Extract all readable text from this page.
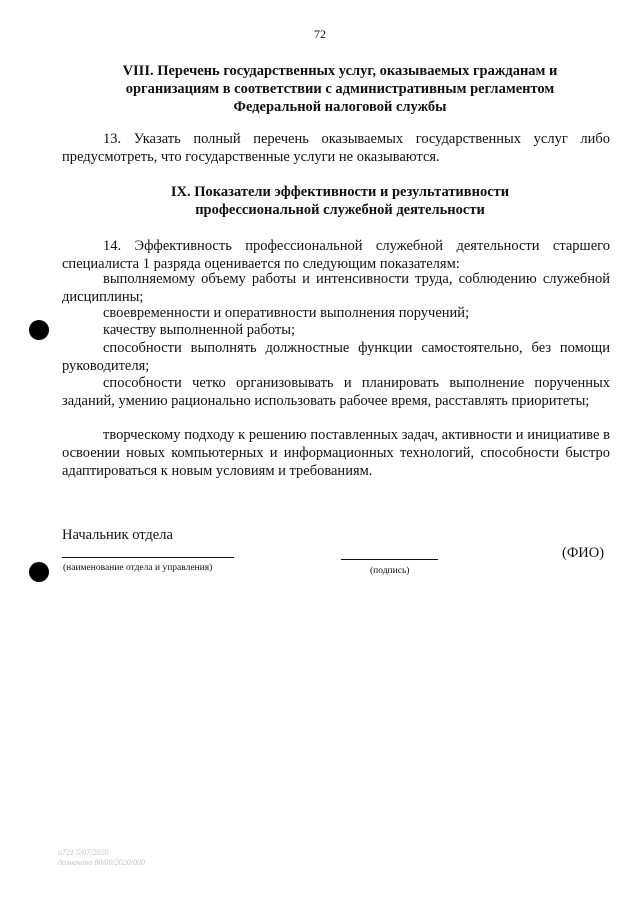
72
VIII. Перечень государственных услуг, оказываемых гражданам и
организациям в соответствии с административным регламентом
Федеральной налоговой службы
13. Указать полный перечень оказываемых государственных услуг либо предусмотреть, что государственные услуги не оказываются.
IX. Показатели эффективности и результативности
профессиональной служебной деятельности
14. Эффективность профессиональной служебной деятельности старшего специалиста 1 разряда оценивается по следующим показателям:
выполняемому объему работы и интенсивности труда, соблюдению служебной дисциплины;
своевременности и оперативности выполнения поручений;
качеству выполненной работы;
способности выполнять должностные функции самостоятельно, без помощи руководителя;
способности четко организовывать и планировать выполнение порученных заданий, умению рационально использовать рабочее время, расставлять приоритеты;
творческому подходу к решению поставленных задач, активности и инициативе в освоении новых компьютерных и информационных технологий, способности быстро адаптироваться к новым условиям и требованиям.
Начальник отдела
(наименование отдела и управления)	(подпись)
(ФИО)
о721 5/07/2020
дозначено 00/00/2020/000
